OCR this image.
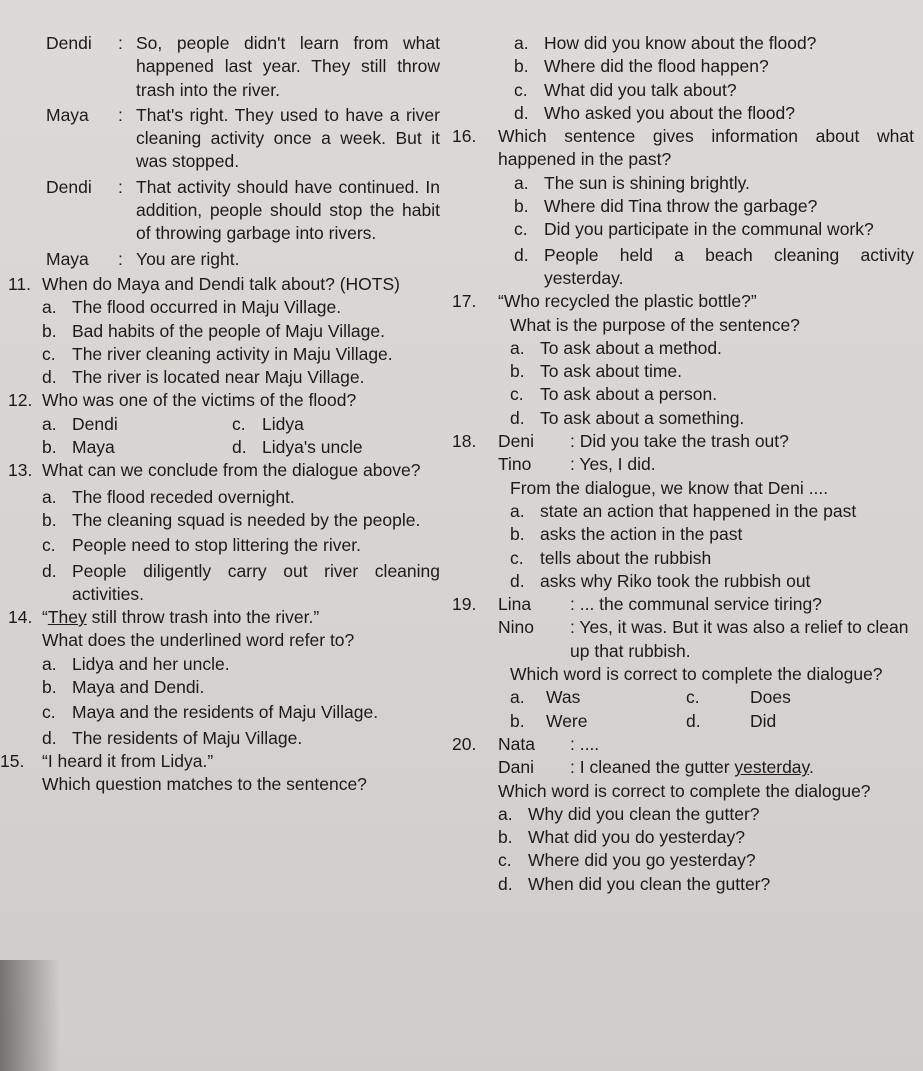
Dendi	: So, people didn't learn from what happened last year. They still throw trash into the river.
Maya	: That's right. They used to have a river cleaning activity once a week. But it was stopped.
Dendi	: That activity should have continued. In addition, people should stop the habit of throwing garbage into rivers.
Maya	: You are right.
11. When do Maya and Dendi talk about? (HOTS)
a. The flood occurred in Maju Village.
b. Bad habits of the people of Maju Village.
c. The river cleaning activity in Maju Village.
d. The river is located near Maju Village.
12. Who was one of the victims of the flood?
a. Dendi	c. Lidya
b. Maya	d. Lidya's uncle
13. What can we conclude from the dialogue above?
a. The flood receded overnight.
b. The cleaning squad is needed by the people.
c. People need to stop littering the river.
d. People diligently carry out river cleaning activities.
14. “They still throw trash into the river.”
What does the underlined word refer to?
a. Lidya and her uncle.
b. Maya and Dendi.
c. Maya and the residents of Maju Village.
d. The residents of Maju Village.
15.	“I heard it from Lidya.”
Which question matches to the sentence?
a. How did you know about the flood?
b. Where did the flood happen?
c. What did you talk about?
d. Who asked you about the flood?
16.	Which sentence gives information about what happened in the past?
a. The sun is shining brightly.
b. Where did Tina throw the garbage?
c. Did you participate in the communal work?
d. People held a beach cleaning activity yesterday.
17.	“Who recycled the plastic bottle?”
What is the purpose of the sentence?
a. To ask about a method.
b. To ask about time.
c. To ask about a person.
d. To ask about a something.
18.	Deni	: Did you take the trash out?
Tino	: Yes, I did.
From the dialogue, we know that Deni ....
a. state an action that happened in the past
b. asks the action in the past
c. tells about the rubbish
d. asks why Riko took the rubbish out
19.	Lina	: ... the communal service tiring?
Nino	: Yes, it was. But it was also a relief to clean up that rubbish.
Which word is correct to complete the dialogue?
a.	Was	c.	Does
b.	Were	d.	Did
20.	Nata	: ....
Dani	: I cleaned the gutter yesterday.
Which word is correct to complete the dialogue?
a. Why did you clean the gutter?
b. What did you do yesterday?
c. Where did you go yesterday?
d. When did you clean the gutter?
